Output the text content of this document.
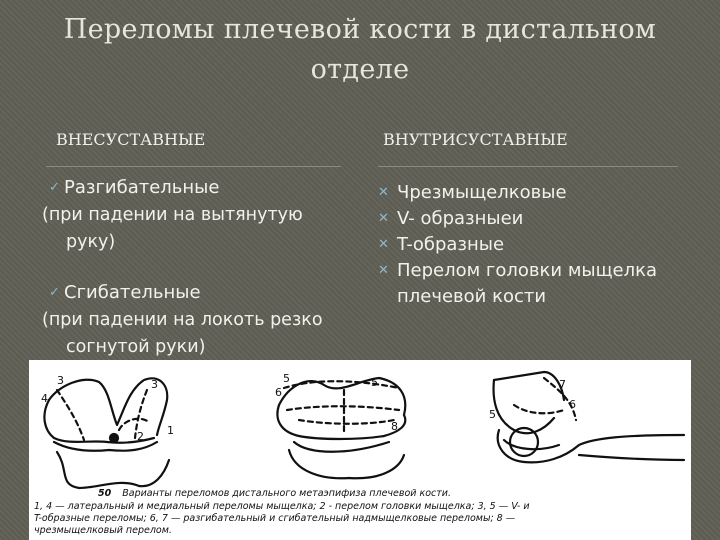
Переломы плечевой кости в дистальном
отделе
ВНЕСУСТАВНЫЕ	ВНУТРИСУСТАВНЫЕ
✓ Разгибательные
(при падении на вытянутую
руку)
✓ Сгибательные
(при падении на локоть резко
согнутой руки)
✕ Чрезмыщелковые
✕ V- образныеи
✕ T-образные
✕ Перелом головки мыщелка
плечевой кости
3
4
3
1
2
5
6
5
8
7
6
5
50 Варианты переломов дистального метаэпифиза плечевой кости.
1, 4 — латеральный и медиальный переломы мыщелка; 2 - перелом головки мыщелка; 3, 5 — V- и
T-образные переломы; 6, 7 — разгибательный и сгибательный надмыщелковые переломы; 8 —
чрезмыщелковый перелом.
